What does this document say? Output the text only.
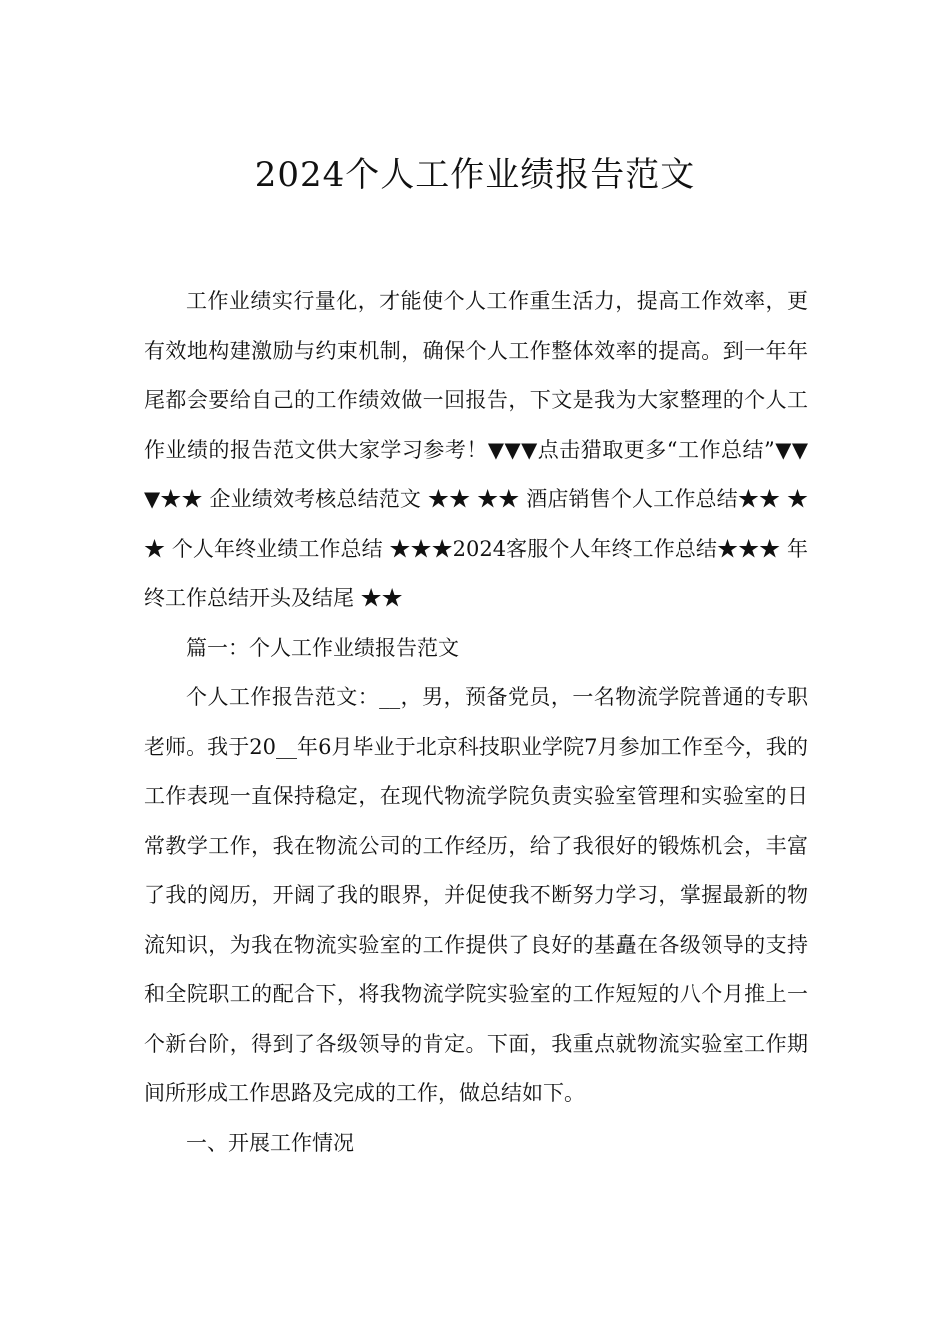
2024个人工作业绩报告范文

工作业绩实行量化，才能使个人工作重生活力，提高工作效率，更有效地构建激励与约束机制，确保个人工作整体效率的提高。到一年年尾都会要给自己的工作绩效做一回报告，下文是我为大家整理的个人工作业绩的报告范文供大家学习参考！▼▼▼点击猎取更多“工作总结”▼▼▼★★ 企业绩效考核总结范文 ★★ ★★ 酒店销售个人工作总结★★ ★★ 个人年终业绩工作总结 ★★★2024客服个人年终工作总结★★★ 年终工作总结开头及结尾 ★★

篇一：个人工作业绩报告范文

个人工作报告范文：__，男，预备党员，一名物流学院普通的专职老师。我于20__年6月毕业于北京科技职业学院7月参加工作至今，我的工作表现一直保持稳定，在现代物流学院负责实验室管理和实验室的日常教学工作，我在物流公司的工作经历，给了我很好的锻炼机会，丰富了我的阅历，开阔了我的眼界，并促使我不断努力学习，掌握最新的物流知识，为我在物流实验室的工作提供了良好的基矗在各级领导的支持和全院职工的配合下，将我物流学院实验室的工作短短的八个月推上一个新台阶，得到了各级领导的肯定。下面，我重点就物流实验室工作期间所形成工作思路及完成的工作，做总结如下。

一、开展工作情况
